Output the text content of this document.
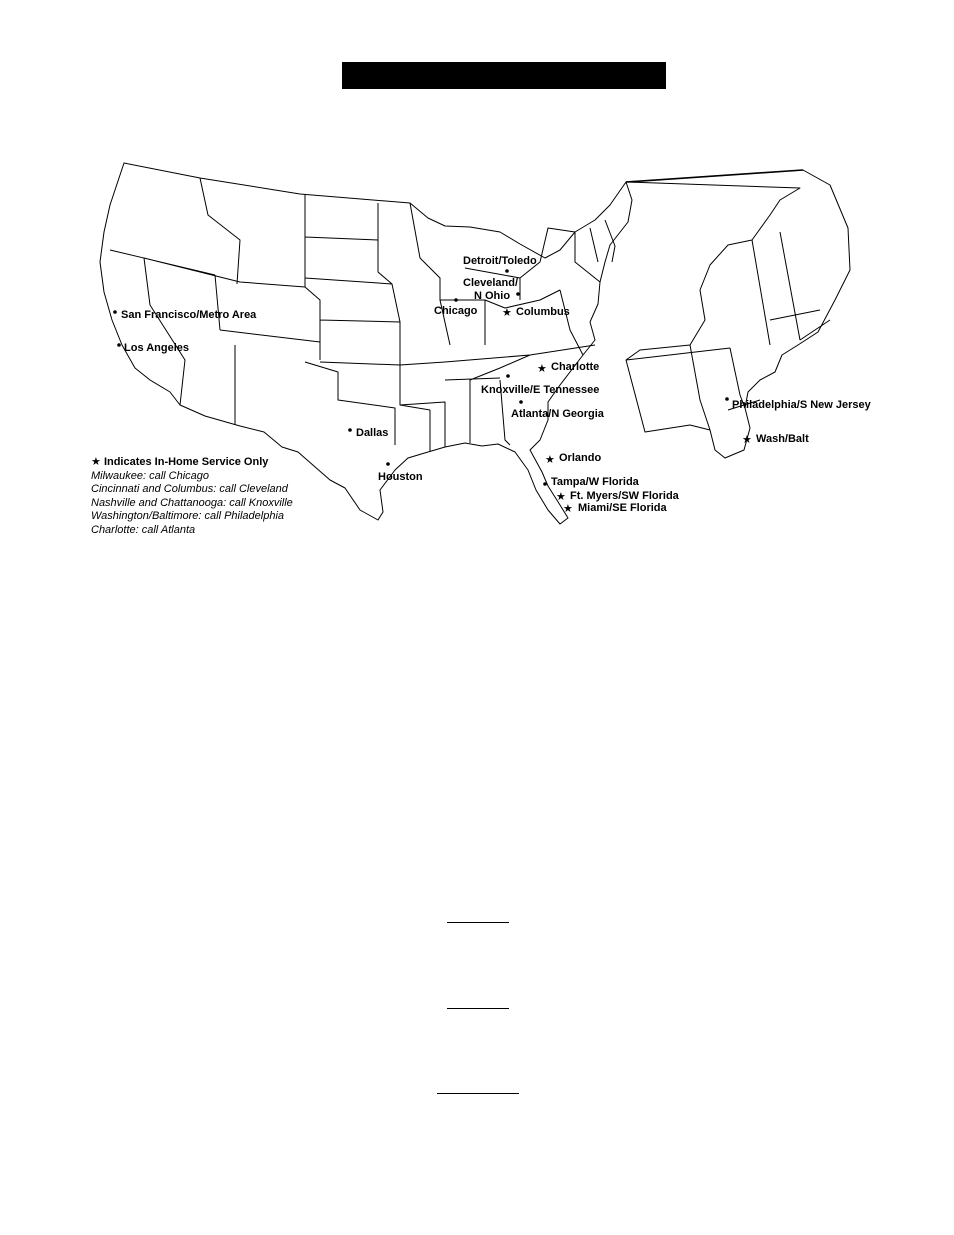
San Francisco/Metro Area
Los Angeles
Dallas
Houston
Chicago
Detroit/Toledo
Cleveland/
N Ohio
★ Columbus
★ Charlotte
Knoxville/E Tennessee
Atlanta/N Georgia
★ Orlando
Tampa/W Florida
★ Ft. Myers/SW Florida
★ Miami/SE Florida
Philadelphia/S New Jersey
★ Wash/Balt
★ Indicates In-Home Service Only
Milwaukee: call Chicago
Cincinnati and Columbus: call Cleveland
Nashville and Chattanooga: call Knoxville
Washington/Baltimore: call Philadelphia
Charlotte: call Atlanta
